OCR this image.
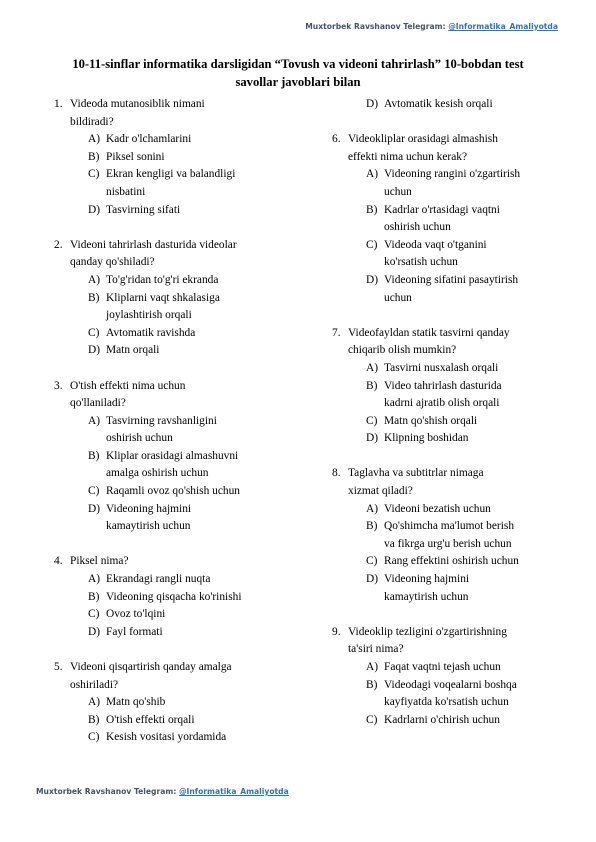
Muxtorbek Ravshanov Telegram: @Informatika_Amaliyotda
10-11-sinflar informatika darsligidan “Tovush va videoni tahrirlash” 10-bobdan test
savollar javoblari bilan
1. Videoda mutanosiblik nimani
bildiradi?
A) Kadr o'lchamlarini
B) Piksel sonini
C) Ekran kengligi va balandligi
nisbatini
D) Tasvirning sifati
2. Videoni tahrirlash dasturida videolar
qanday qo'shiladi?
A) To'g'ridan to'g'ri ekranda
B) Kliplarni vaqt shkalasiga
joylashtirish orqali
C) Avtomatik ravishda
D) Matn orqali
3. O'tish effekti nima uchun
qo'llaniladi?
A) Tasvirning ravshanligini
oshirish uchun
B) Kliplar orasidagi almashuvni
amalga oshirish uchun
C) Raqamli ovoz qo'shish uchun
D) Videoning hajmini
kamaytirish uchun
4. Piksel nima?
A) Ekrandagi rangli nuqta
B) Videoning qisqacha ko'rinishi
C) Ovoz to'lqini
D) Fayl formati
5. Videoni qisqartirish qanday amalga
oshiriladi?
A) Matn qo'shib
B) O'tish effekti orqali
C) Kesish vositasi yordamida
D) Avtomatik kesish orqali
6. Videokliplar orasidagi almashish
effekti nima uchun kerak?
A) Videoning rangini o'zgartirish
uchun
B) Kadrlar o'rtasidagi vaqtni
oshirish uchun
C) Videoda vaqt o'tganini
ko'rsatish uchun
D) Videoning sifatini pasaytirish
uchun
7. Videofayldan statik tasvirni qanday
chiqarib olish mumkin?
A) Tasvirni nusxalash orqali
B) Video tahrirlash dasturida
kadrni ajratib olish orqali
C) Matn qo'shish orqali
D) Klipning boshidan
8. Taglavha va subtitrlar nimaga
xizmat qiladi?
A) Videoni bezatish uchun
B) Qo'shimcha ma'lumot berish
va fikrga urg'u berish uchun
C) Rang effektini oshirish uchun
D) Videoning hajmini
kamaytirish uchun
9. Videoklip tezligini o'zgartirishning
ta'siri nima?
A) Faqat vaqtni tejash uchun
B) Videodagi voqealarni boshqa
kayfiyatda ko'rsatish uchun
C) Kadrlarni o'chirish uchun
Muxtorbek Ravshanov Telegram: @Informatika_Amaliyotda
